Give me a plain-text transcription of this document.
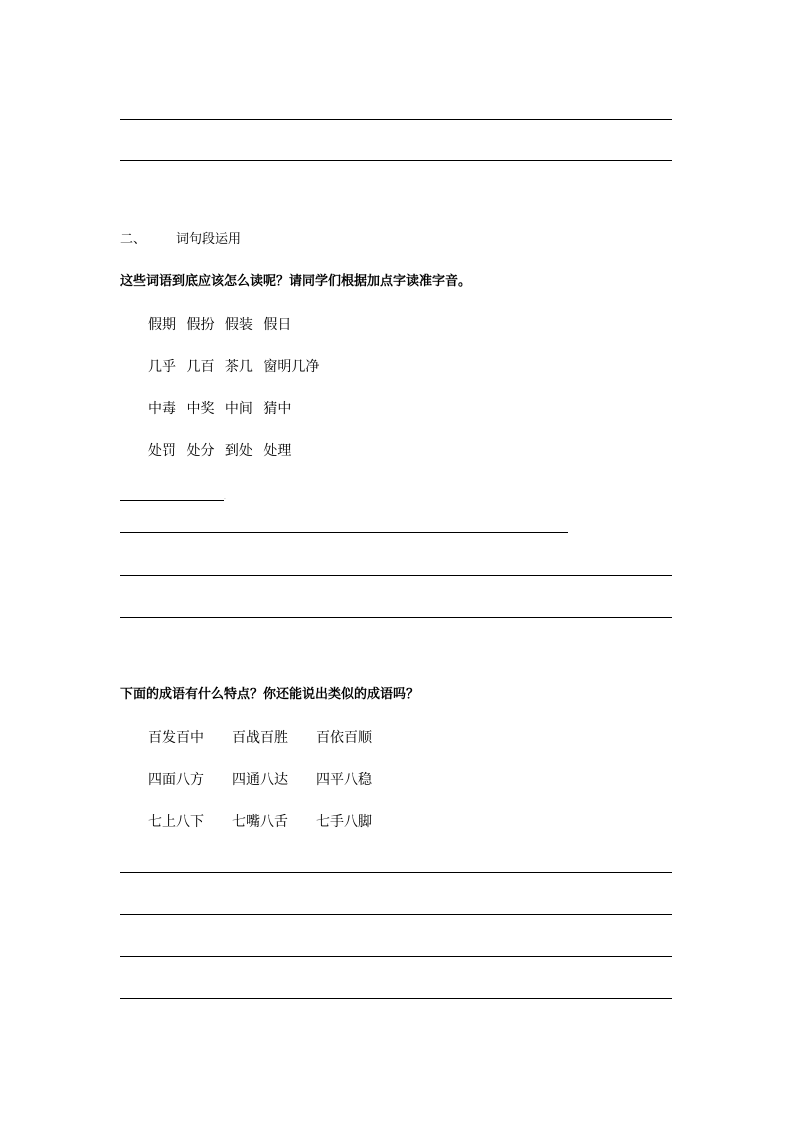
二、 词句段运用
这些词语到底应该怎么读呢？请同学们根据加点字读准字音。
假期 假扮 假装 假日
几乎 几百 茶几 窗明几净
中毒 中奖 中间 猜中
处罚 处分 到处 处理
.
下面的成语有什么特点？你还能说出类似的成语吗？
百发百中 百战百胜 百依百顺
四面八方 四通八达 四平八稳
七上八下 七嘴八舌 七手八脚
